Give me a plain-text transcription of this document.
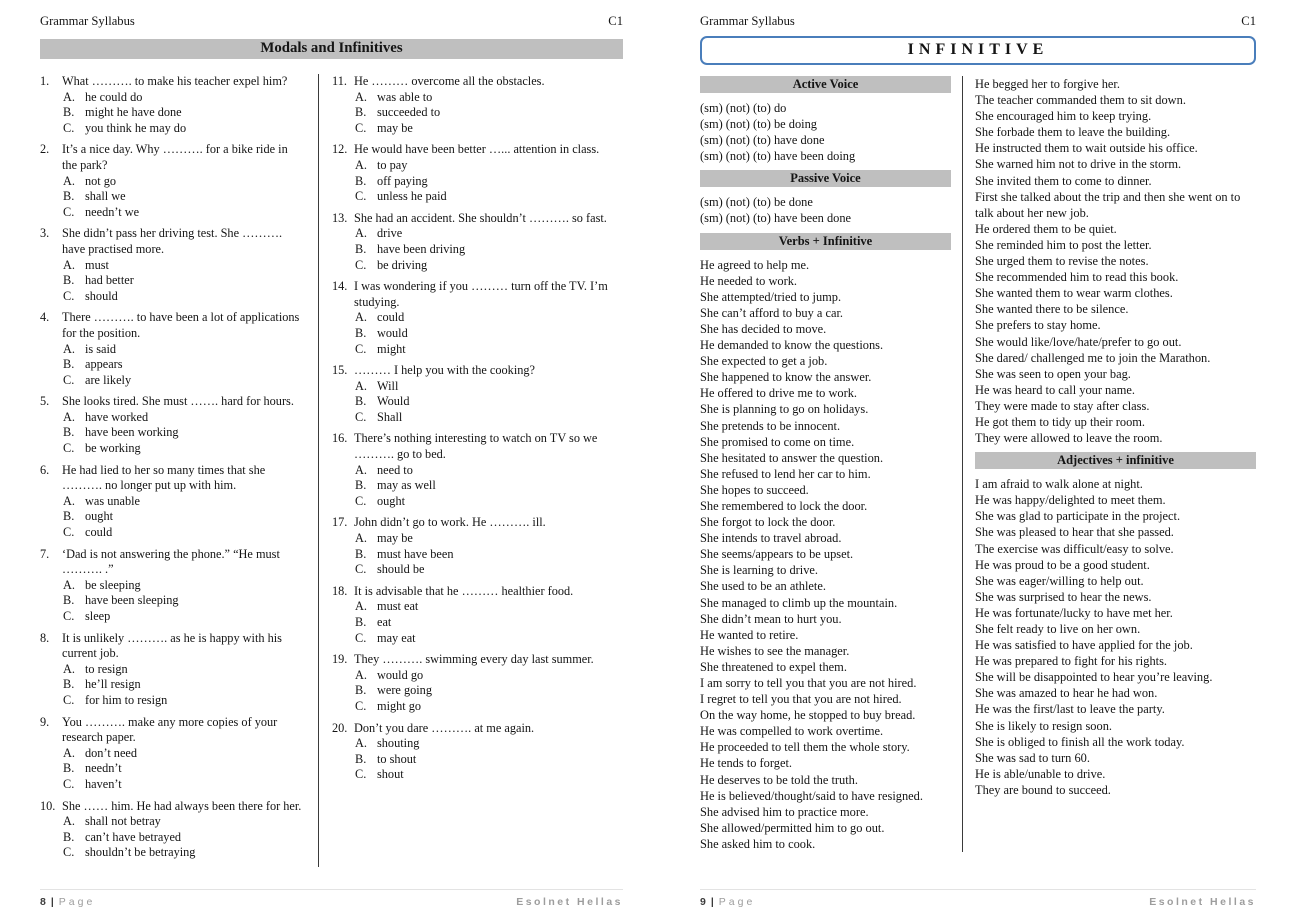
Grammar Syllabus	C1
Modals and Infinitives
1.	What ………. to make his teacher expel him?
A. he could do
B. might he have done
C. you think he may do
2.	It’s a nice day. Why ………. for a bike ride in the park?
A. not go
B. shall we
C. needn’t we
3.	She didn’t pass her driving test. She ………. have practised more.
A. must
B. had better
C. should
4.	There ………. to have been a lot of applications for the position.
A. is said
B. appears
C. are likely
5.	She looks tired. She must ……. hard for hours.
A. have worked
B. have been working
C. be working
6.	He had lied to her so many times that she ………. no longer put up with him.
A. was unable
B. ought
C. could
7.	‘Dad is not answering the phone.” “He must ………. .”
A. be sleeping
B. have been sleeping
C. sleep
8.	It is unlikely ………. as he is happy with his current job.
A. to resign
B. he’ll resign
C. for him to resign
9.	You ………. make any more copies of your research paper.
A. don’t need
B. needn’t
C. haven’t
10. She …… him. He had always been there for her.
A. shall not betray
B. can’t have betrayed
C. shouldn’t be betraying
11. He ……… overcome all the obstacles.
A. was able to
B. succeeded to
C. may be
12. He would have been better …... attention in class.
A. to pay
B. off paying
C. unless he paid
13. She had an accident. She shouldn’t ………. so fast.
A. drive
B. have been driving
C. be driving
14. I was wondering if you ……… turn off the TV. I’m studying.
A. could
B. would
C. might
15. ……… I help you with the cooking?
A. Will
B. Would
C. Shall
16. There’s nothing interesting to watch on TV so we ………. go to bed.
A. need to
B. may as well
C. ought
17. John didn’t go to work. He ………. ill.
A. may be
B. must have been
C. should be
18. It is advisable that he ……… healthier food.
A. must eat
B. eat
C. may eat
19. They ………. swimming every day last summer.
A. would go
B. were going
C. might go
20. Don’t you dare ………. at me again.
A. shouting
B. to shout
C. shout
8 | Page	Esolnet Hellas
Grammar Syllabus	C1
INFINITIVE
Active Voice
(sm) (not) (to) do
(sm) (not) (to) be doing
(sm) (not) (to) have done
(sm) (not) (to) have been doing
Passive Voice
(sm) (not) (to) be done
(sm) (not) (to) have been done
Verbs + Infinitive
He agreed to help me.
He needed to work.
She attempted/tried to jump.
She can’t afford to buy a car.
She has decided to move.
He demanded to know the questions.
She expected to get a job.
She happened to know the answer.
He offered to drive me to work.
She is planning to go on holidays.
She pretends to be innocent.
She promised to come on time.
She hesitated to answer the question.
She refused to lend her car to him.
She hopes to succeed.
She remembered to lock the door.
She forgot to lock the door.
She intends to travel abroad.
She seems/appears to be upset.
She is learning to drive.
She used to be an athlete.
She managed to climb up the mountain.
She didn’t mean to hurt you.
He wanted to retire.
He wishes to see the manager.
She threatened to expel them.
I am sorry to tell you that you are not hired.
I regret to tell you that you are not hired.
On the way home, he stopped to buy bread.
He was compelled to work overtime.
He proceeded to tell them the whole story.
He tends to forget.
He deserves to be told the truth.
He is believed/thought/said to have resigned.
She advised him to practice more.
She allowed/permitted him to go out.
She asked him to cook.
He begged her to forgive her.
The teacher commanded them to sit down.
She encouraged him to keep trying.
She forbade them to leave the building.
He instructed them to wait outside his office.
She warned him not to drive in the storm.
She invited them to come to dinner.
First she talked about the trip and then she went on to talk about her new job.
He ordered them to be quiet.
She reminded him to post the letter.
She urged them to revise the notes.
She recommended him to read this book.
She wanted them to wear warm clothes.
She wanted there to be silence.
She prefers to stay home.
She would like/love/hate/prefer to go out.
She dared/ challenged me to join the Marathon.
She was seen to open your bag.
He was heard to call your name.
They were made to stay after class.
He got them to tidy up their room.
They were allowed to leave the room.
Adjectives + infinitive
I am afraid to walk alone at night.
He was happy/delighted to meet them.
She was glad to participate in the project.
She was pleased to hear that she passed.
The exercise was difficult/easy to solve.
He was proud to be a good student.
She was eager/willing to help out.
She was surprised to hear the news.
He was fortunate/lucky to have met her.
She felt ready to live on her own.
He was satisfied to have applied for the job.
He was prepared to fight for his rights.
She will be disappointed to hear you’re leaving.
She was amazed to hear he had won.
He was the first/last to leave the party.
She is likely to resign soon.
She is obliged to finish all the work today.
She was sad to turn 60.
He is able/unable to drive.
They are bound to succeed.
9 | Page	Esolnet Hellas
